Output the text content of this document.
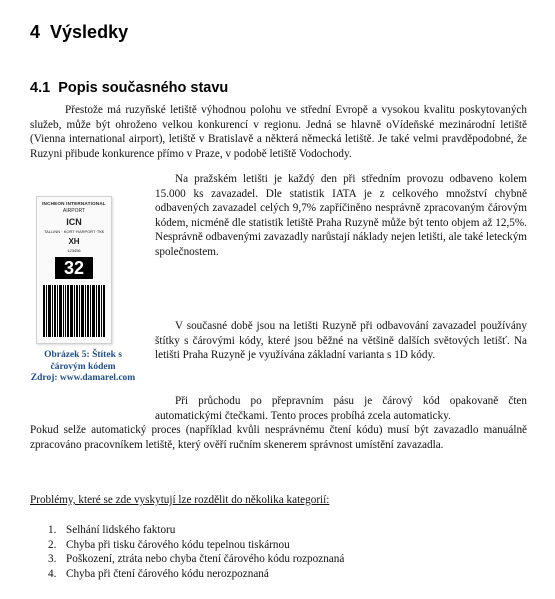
4 Výsledky
4.1 Popis současného stavu

Přestože má ruzyňské letiště výhodnou polohu ve střední Evropě a vysokou kvalitu poskytovaných služeb, může být ohroženo velkou konkurencí v regionu. Jedná se hlavně oVídeňské mezinárodní letiště (Vienna international airport), letiště v Bratislavě a některá německá letiště. Je také velmi pravděpodobné, že Ruzyni přibude konkurence přímo v Praze, v podobě letiště Vodochody.

INCHEON INTERNATIONAL
AIRPORT
ICN
TALLINN · KORT·RARPORT·ТКК
XH
123456
32
Obrázek 5: Štítek s čárovým kódem
Zdroj: www.damarel.com

Na pražském letišti je každý den při středním provozu odbaveno kolem 15.000 ks zavazadel. Dle statistik IATA je z celkového množství chybně odbavených zavazadel celých 9,7% zapříčiněno nesprávně zpracovaným čárovým kódem, nicméně dle statistik letiště Praha Ruzyně může být tento objem až 12,5%. Nesprávně odbavenými zavazadly narůstají náklady nejen letišti, ale také leteckým společnostem.

V současné době jsou na letišti Ruzyně při odbavování zavazadel používány štítky s čárovými kódy, které jsou běžné na většině dalších světových letišť. Na letišti Praha Ruzyně je využívána základní varianta s 1D kódy.

Při průchodu po přepravním pásu je čárový kód opakovaně čten automatickými čtečkami. Tento proces probíhá zcela automaticky.
Pokud selže automatický proces (například kvůli nesprávnému čtení kódu) musí být zavazadlo manuálně zpracováno pracovníkem letiště, který ověří ručním skenerem správnost umístění zavazadla.

Problémy, které se zde vyskytují lze rozdělit do několika kategorií:

1. Selhání lidského faktoru
2. Chyba při tisku čárového kódu tepelnou tiskárnou
3. Poškození, ztráta nebo chyba čtení čárového kódu rozpoznaná
4. Chyba při čtení čárového kódu nerozpoznaná
